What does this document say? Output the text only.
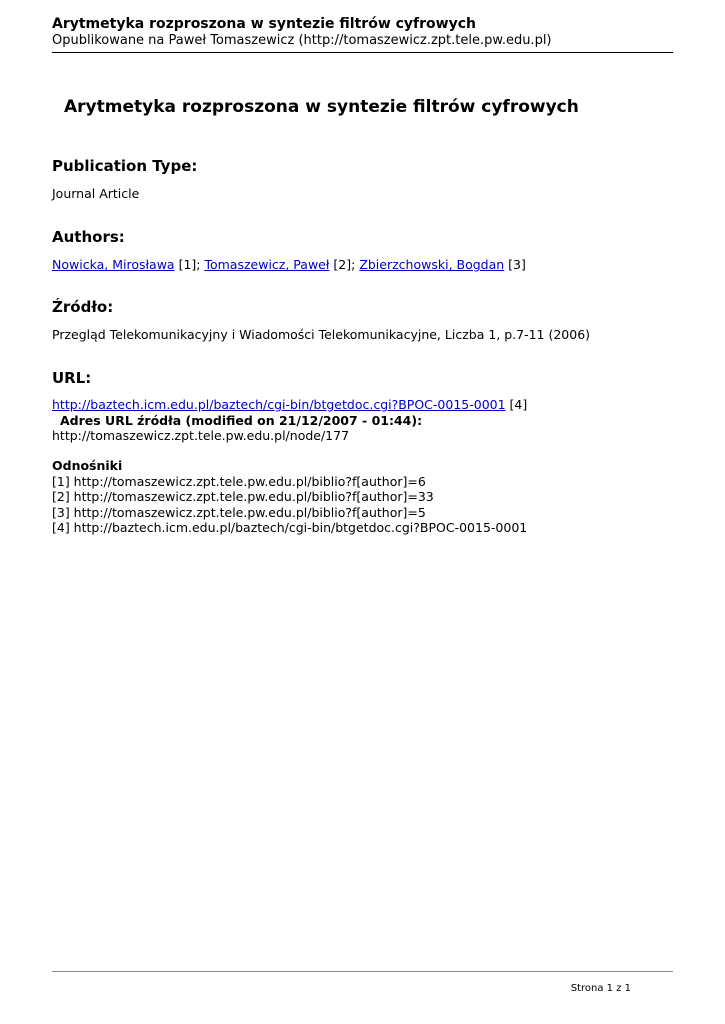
Arytmetyka rozproszona w syntezie filtrów cyfrowych
Opublikowane na Paweł Tomaszewicz (http://tomaszewicz.zpt.tele.pw.edu.pl)
Arytmetyka rozproszona w syntezie filtrów cyfrowych
Publication Type:
Journal Article
Authors:
Nowicka, Mirosława [1]; Tomaszewicz, Paweł [2]; Zbierzchowski, Bogdan [3]
Źródło:
Przegląd Telekomunikacyjny i Wiadomości Telekomunikacyjne, Liczba 1, p.7-11 (2006)
URL:
http://baztech.icm.edu.pl/baztech/cgi-bin/btgetdoc.cgi?BPOC-0015-0001 [4]
Adres URL źródła (modified on 21/12/2007 - 01:44):
http://tomaszewicz.zpt.tele.pw.edu.pl/node/177
Odnośniki
[1] http://tomaszewicz.zpt.tele.pw.edu.pl/biblio?f[author]=6
[2] http://tomaszewicz.zpt.tele.pw.edu.pl/biblio?f[author]=33
[3] http://tomaszewicz.zpt.tele.pw.edu.pl/biblio?f[author]=5
[4] http://baztech.icm.edu.pl/baztech/cgi-bin/btgetdoc.cgi?BPOC-0015-0001
Strona 1 z 1
